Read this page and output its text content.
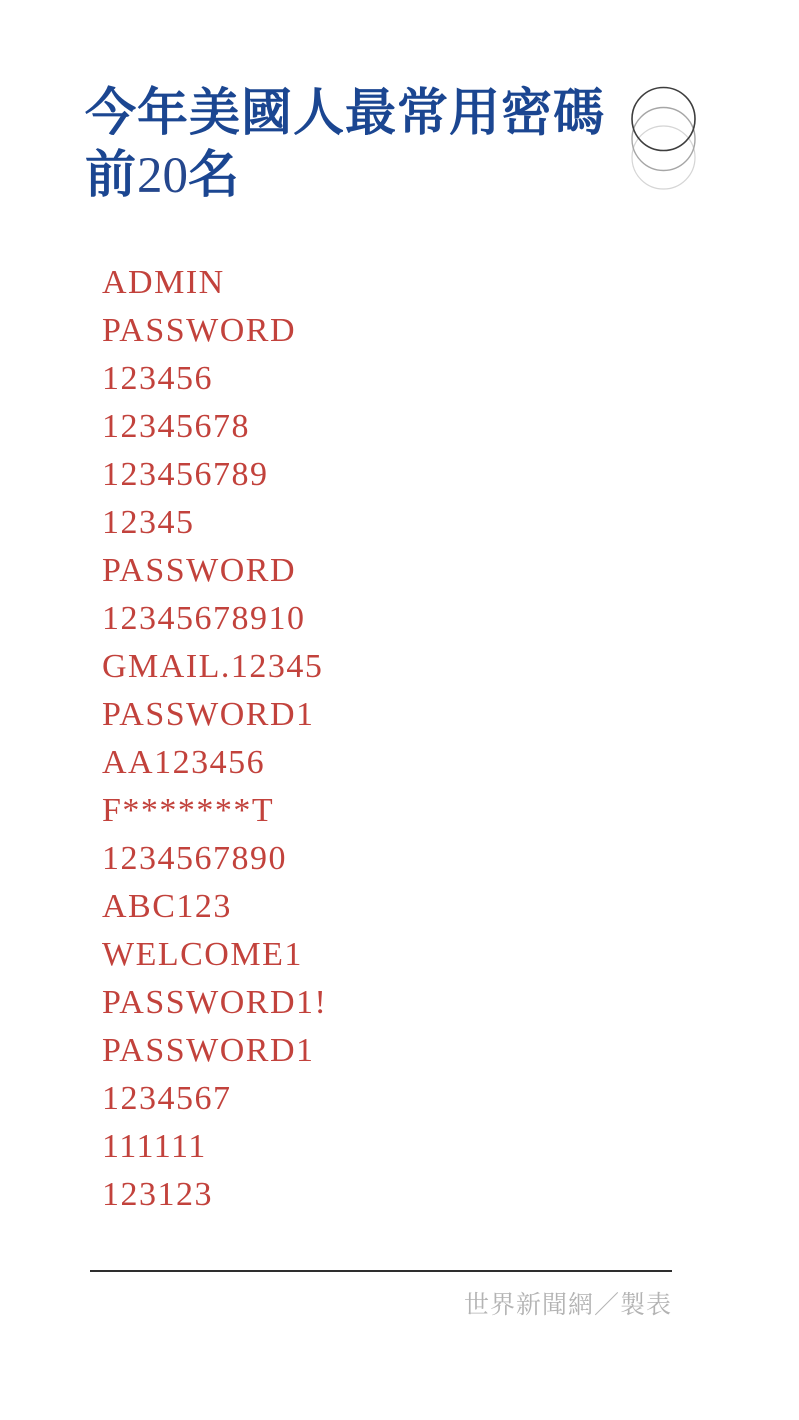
今年美國人最常用密碼
前20名
ADMIN
PASSWORD
123456
12345678
123456789
12345
PASSWORD
12345678910
GMAIL.12345
PASSWORD1
AA123456
F*******T
1234567890
ABC123
WELCOME1
PASSWORD1!
PASSWORD1
1234567
111111
123123
世界新聞網／製表
